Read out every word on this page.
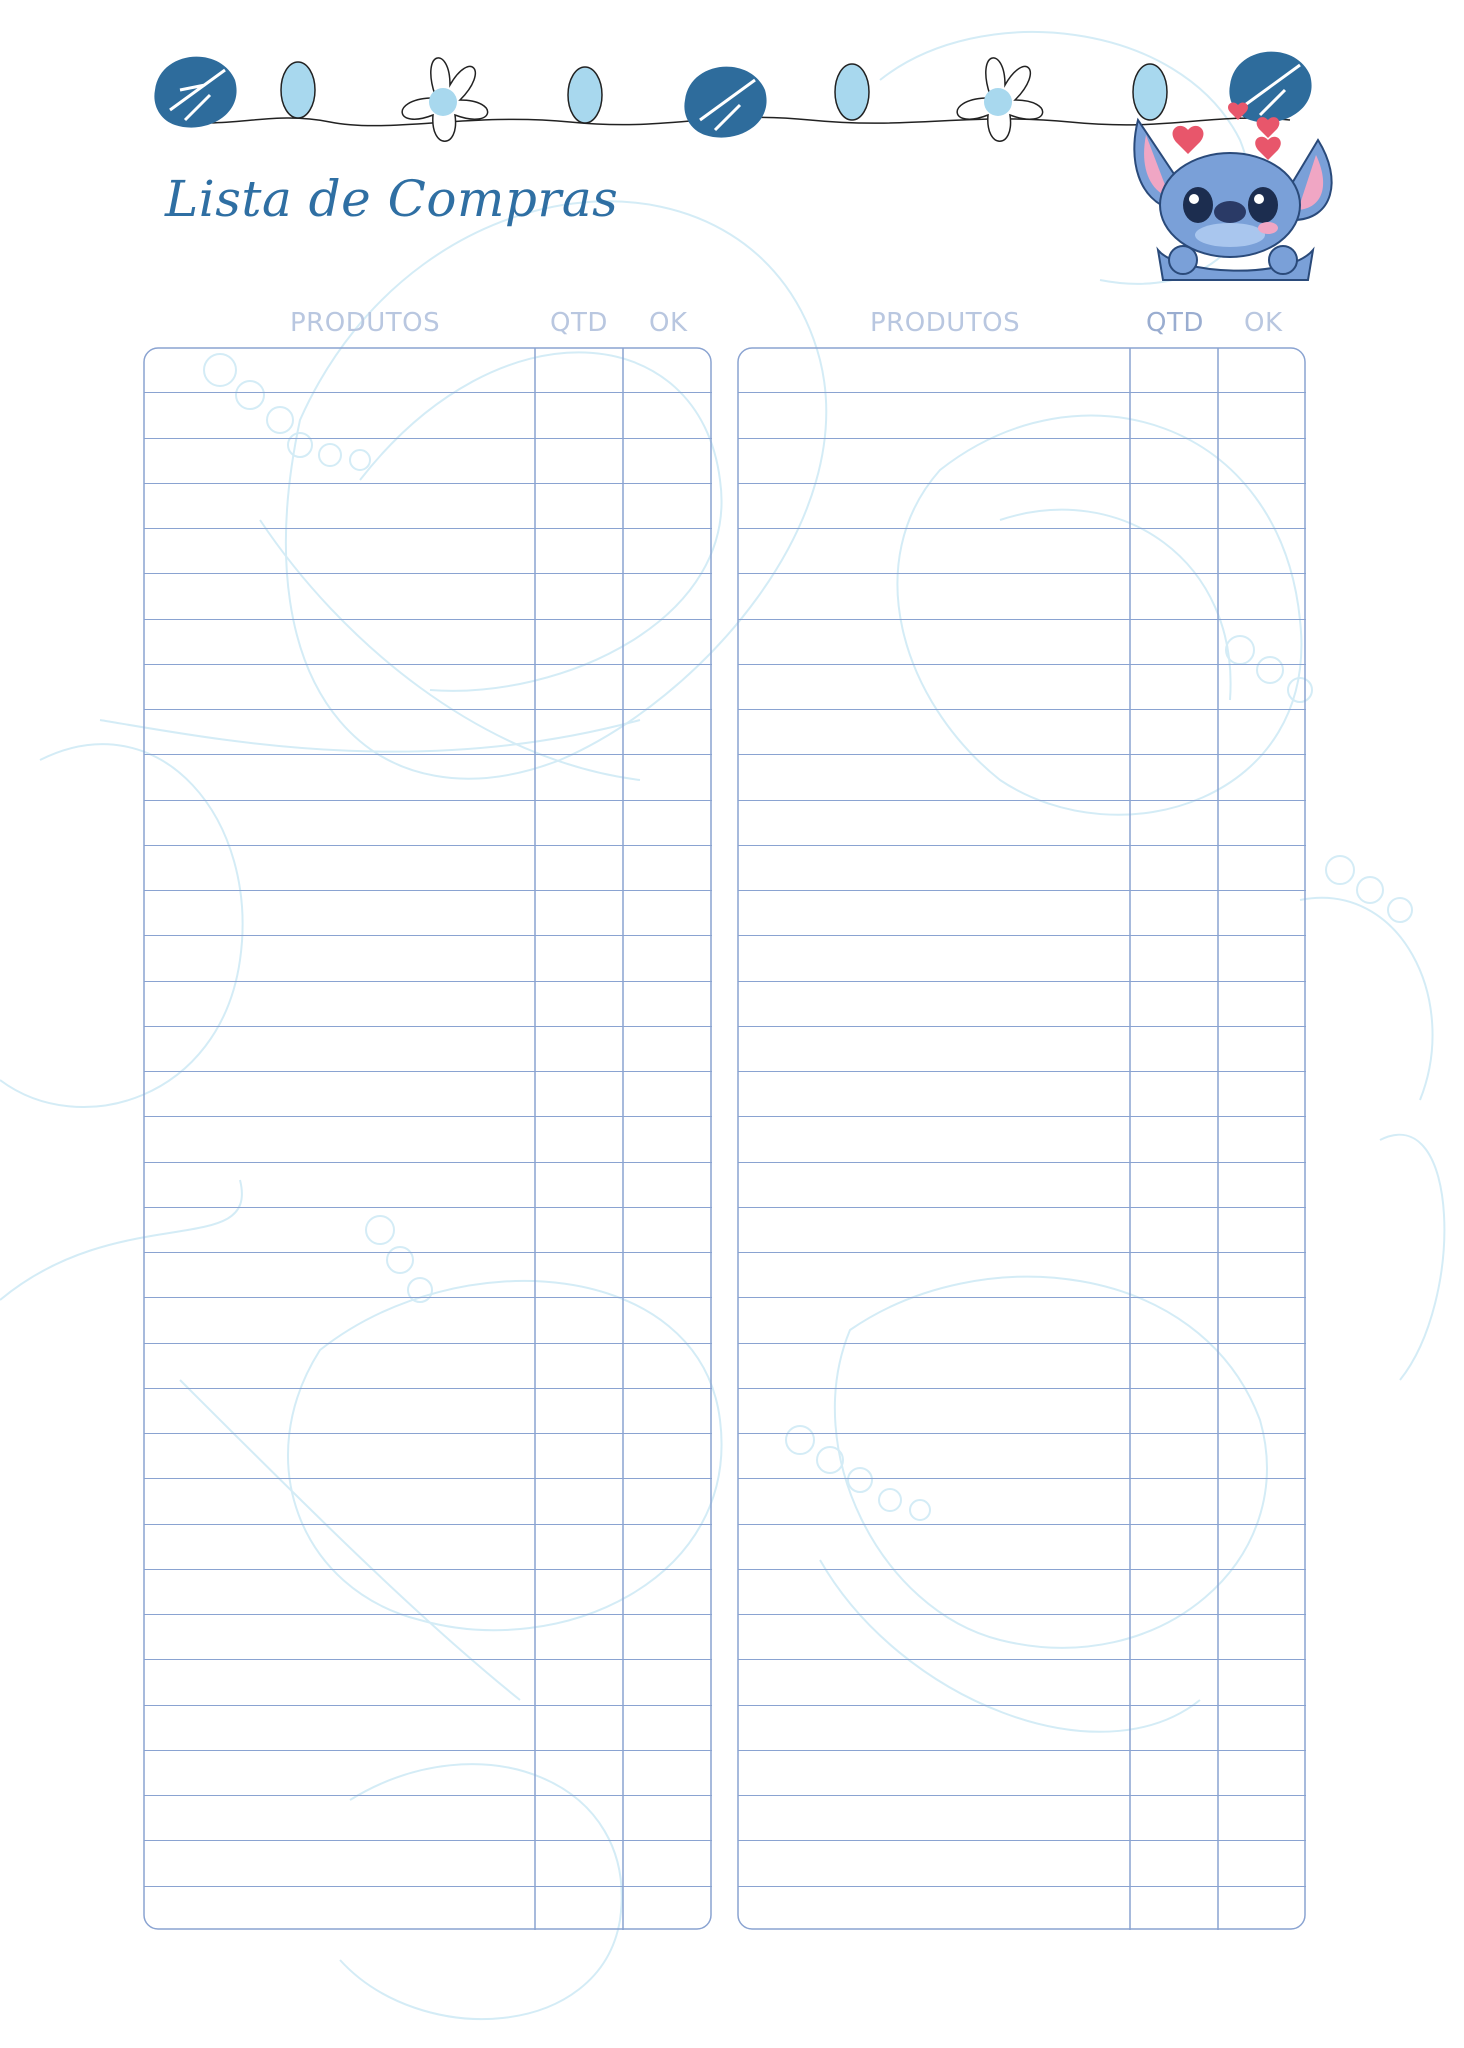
Lista de Compras
PRODUTOS	QTD OK	PRODUTOS	QTD OK
